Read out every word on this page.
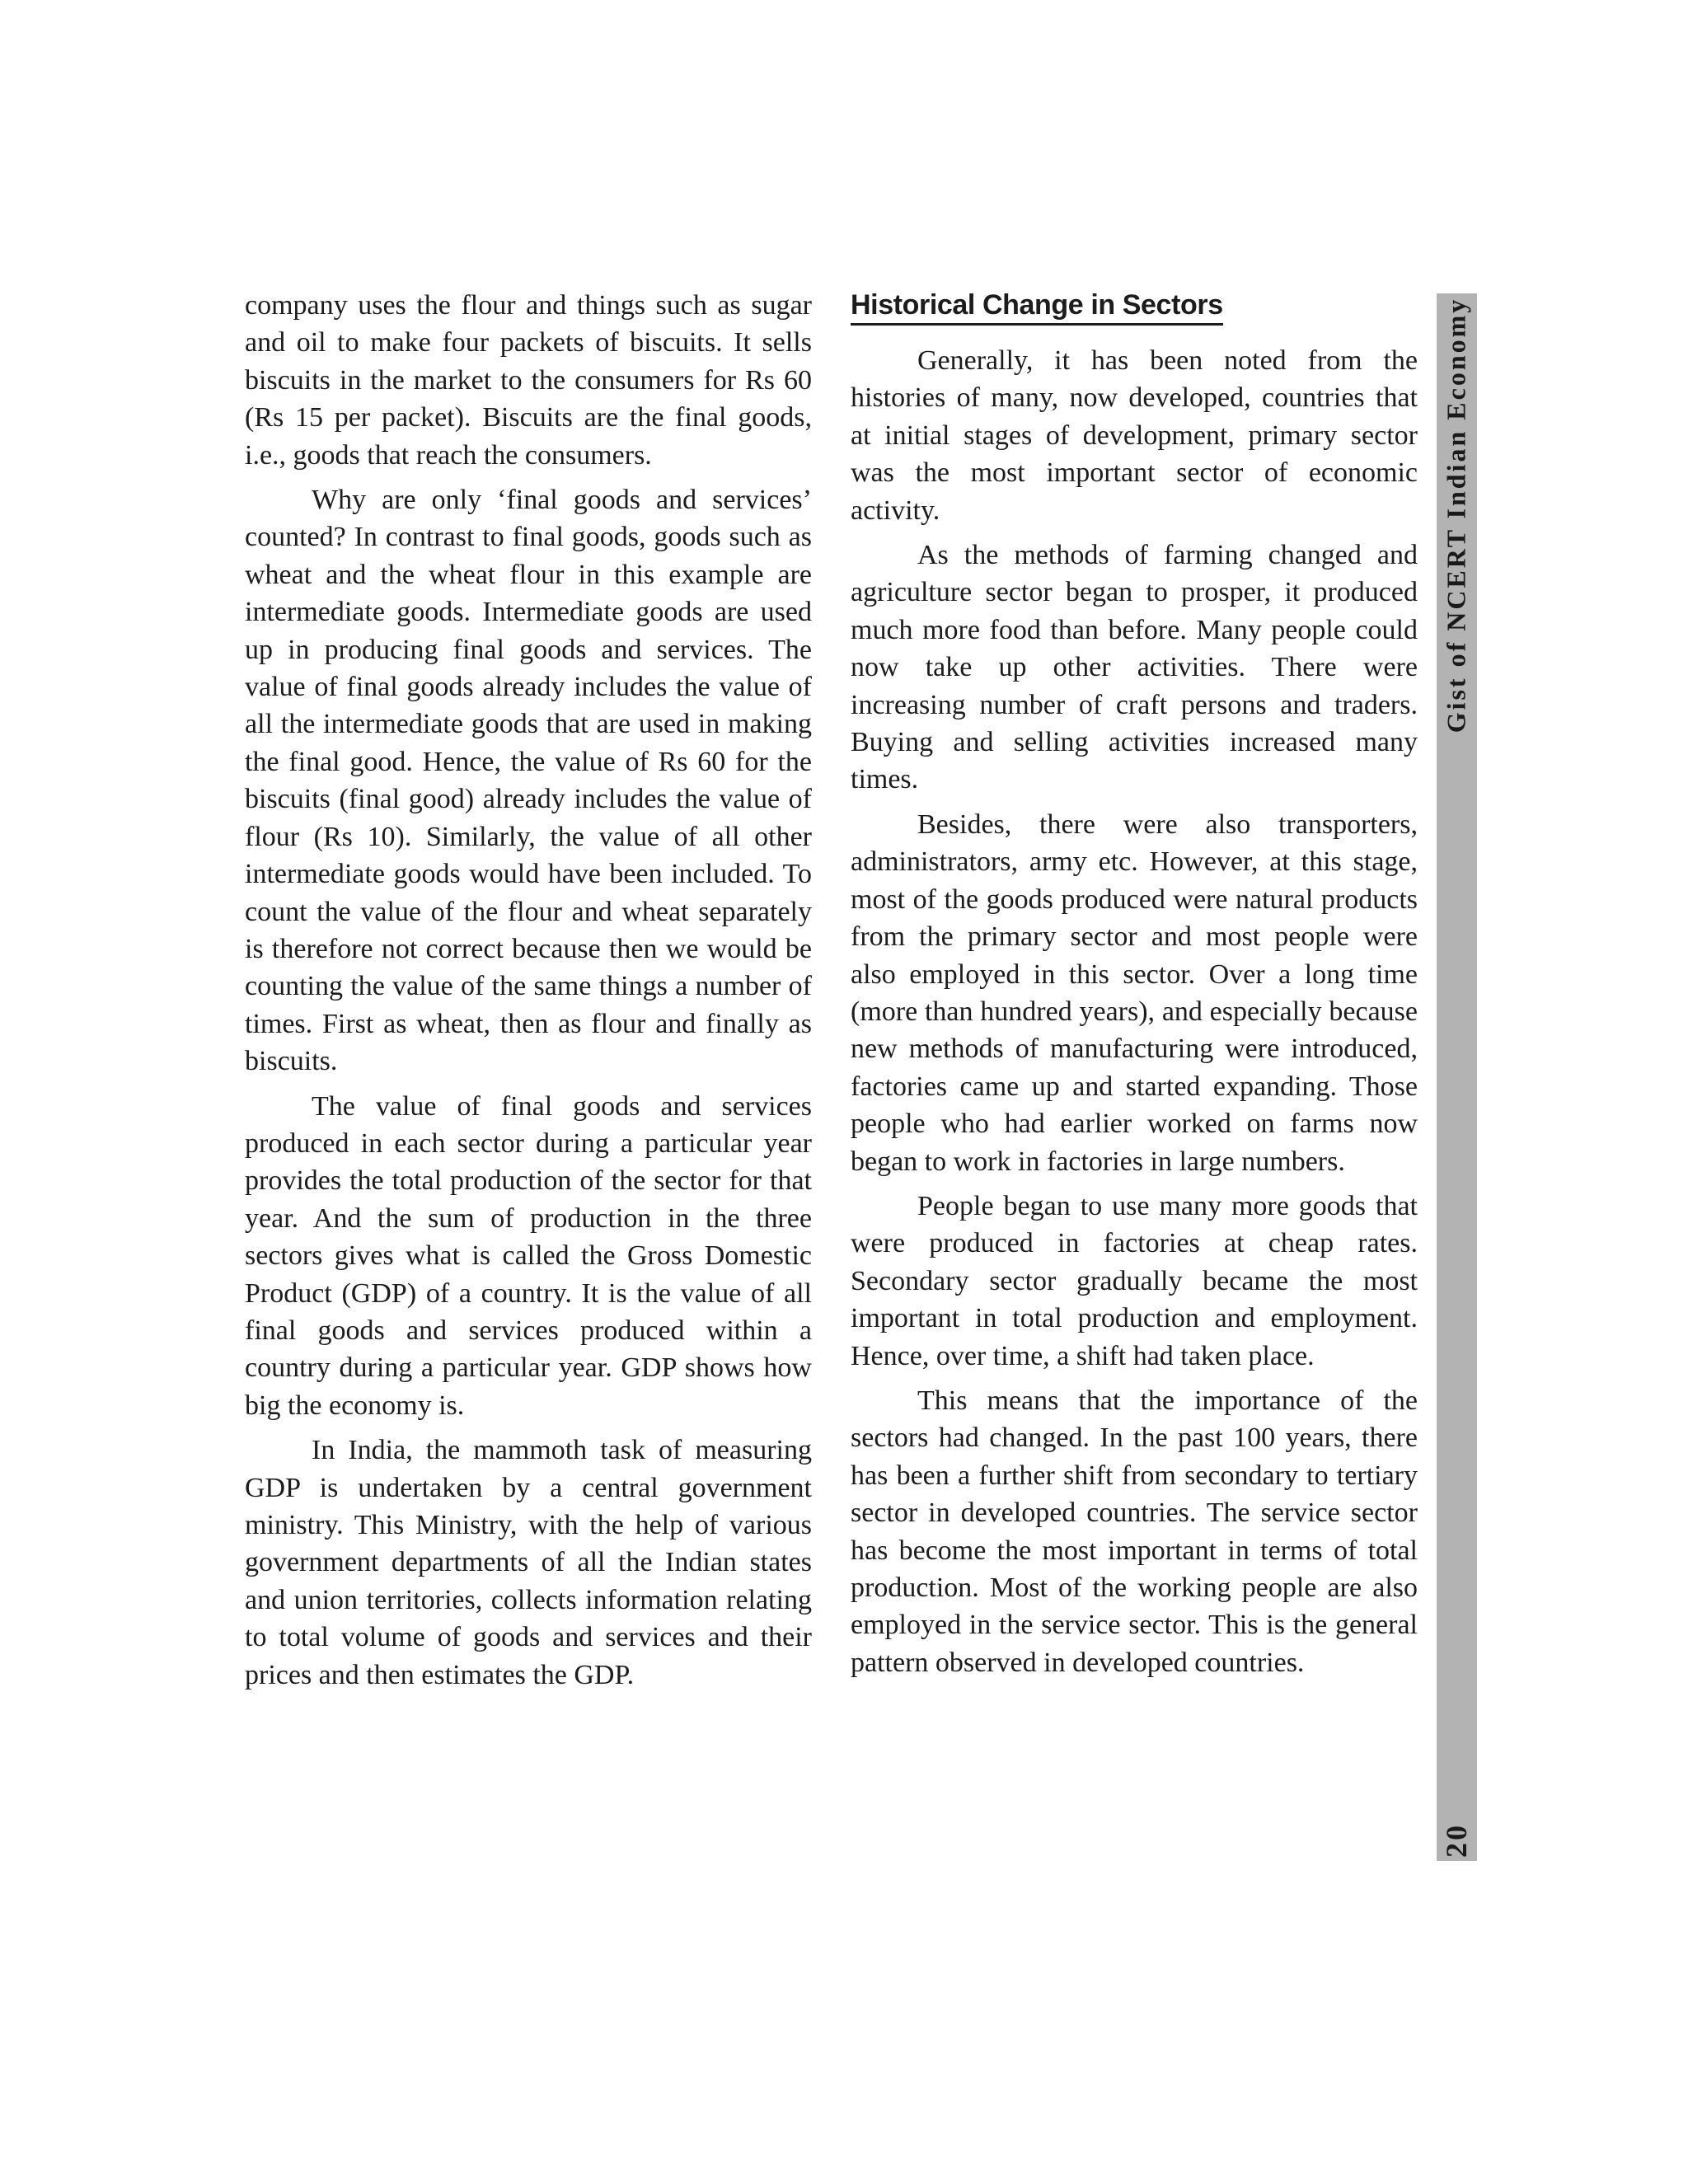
company uses the flour and things such as sugar and oil to make four packets of biscuits. It sells biscuits in the market to the consumers for Rs 60 (Rs 15 per packet). Biscuits are the final goods, i.e., goods that reach the consumers.

Why are only ‘final goods and services’ counted? In contrast to final goods, goods such as wheat and the wheat flour in this example are intermediate goods. Intermediate goods are used up in producing final goods and services. The value of final goods already includes the value of all the intermediate goods that are used in making the final good. Hence, the value of Rs 60 for the biscuits (final good) already includes the value of flour (Rs 10). Similarly, the value of all other intermediate goods would have been included. To count the value of the flour and wheat separately is therefore not correct because then we would be counting the value of the same things a number of times. First as wheat, then as flour and finally as biscuits.

The value of final goods and services produced in each sector during a particular year provides the total production of the sector for that year. And the sum of production in the three sectors gives what is called the Gross Domestic Product (GDP) of a country. It is the value of all final goods and services produced within a country during a particular year. GDP shows how big the economy is.

In India, the mammoth task of measuring GDP is undertaken by a central government ministry. This Ministry, with the help of various government departments of all the Indian states and union territories, collects information relating to total volume of goods and services and their prices and then estimates the GDP.

Historical Change in Sectors

Generally, it has been noted from the histories of many, now developed, countries that at initial stages of development, primary sector was the most important sector of economic activity.

As the methods of farming changed and agriculture sector began to prosper, it produced much more food than before. Many people could now take up other activities. There were increasing number of craft persons and traders. Buying and selling activities increased many times.

Besides, there were also transporters, administrators, army etc. However, at this stage, most of the goods produced were natural products from the primary sector and most people were also employed in this sector. Over a long time (more than hundred years), and especially because new methods of manufacturing were introduced, factories came up and started expanding. Those people who had earlier worked on farms now began to work in factories in large numbers.

People began to use many more goods that were produced in factories at cheap rates. Secondary sector gradually became the most important in total production and employment. Hence, over time, a shift had taken place.

This means that the importance of the sectors had changed. In the past 100 years, there has been a further shift from secondary to tertiary sector in developed countries. The service sector has become the most important in terms of total production. Most of the working people are also employed in the service sector. This is the general pattern observed in developed countries.

Gist of NCERT Indian Economy
20
